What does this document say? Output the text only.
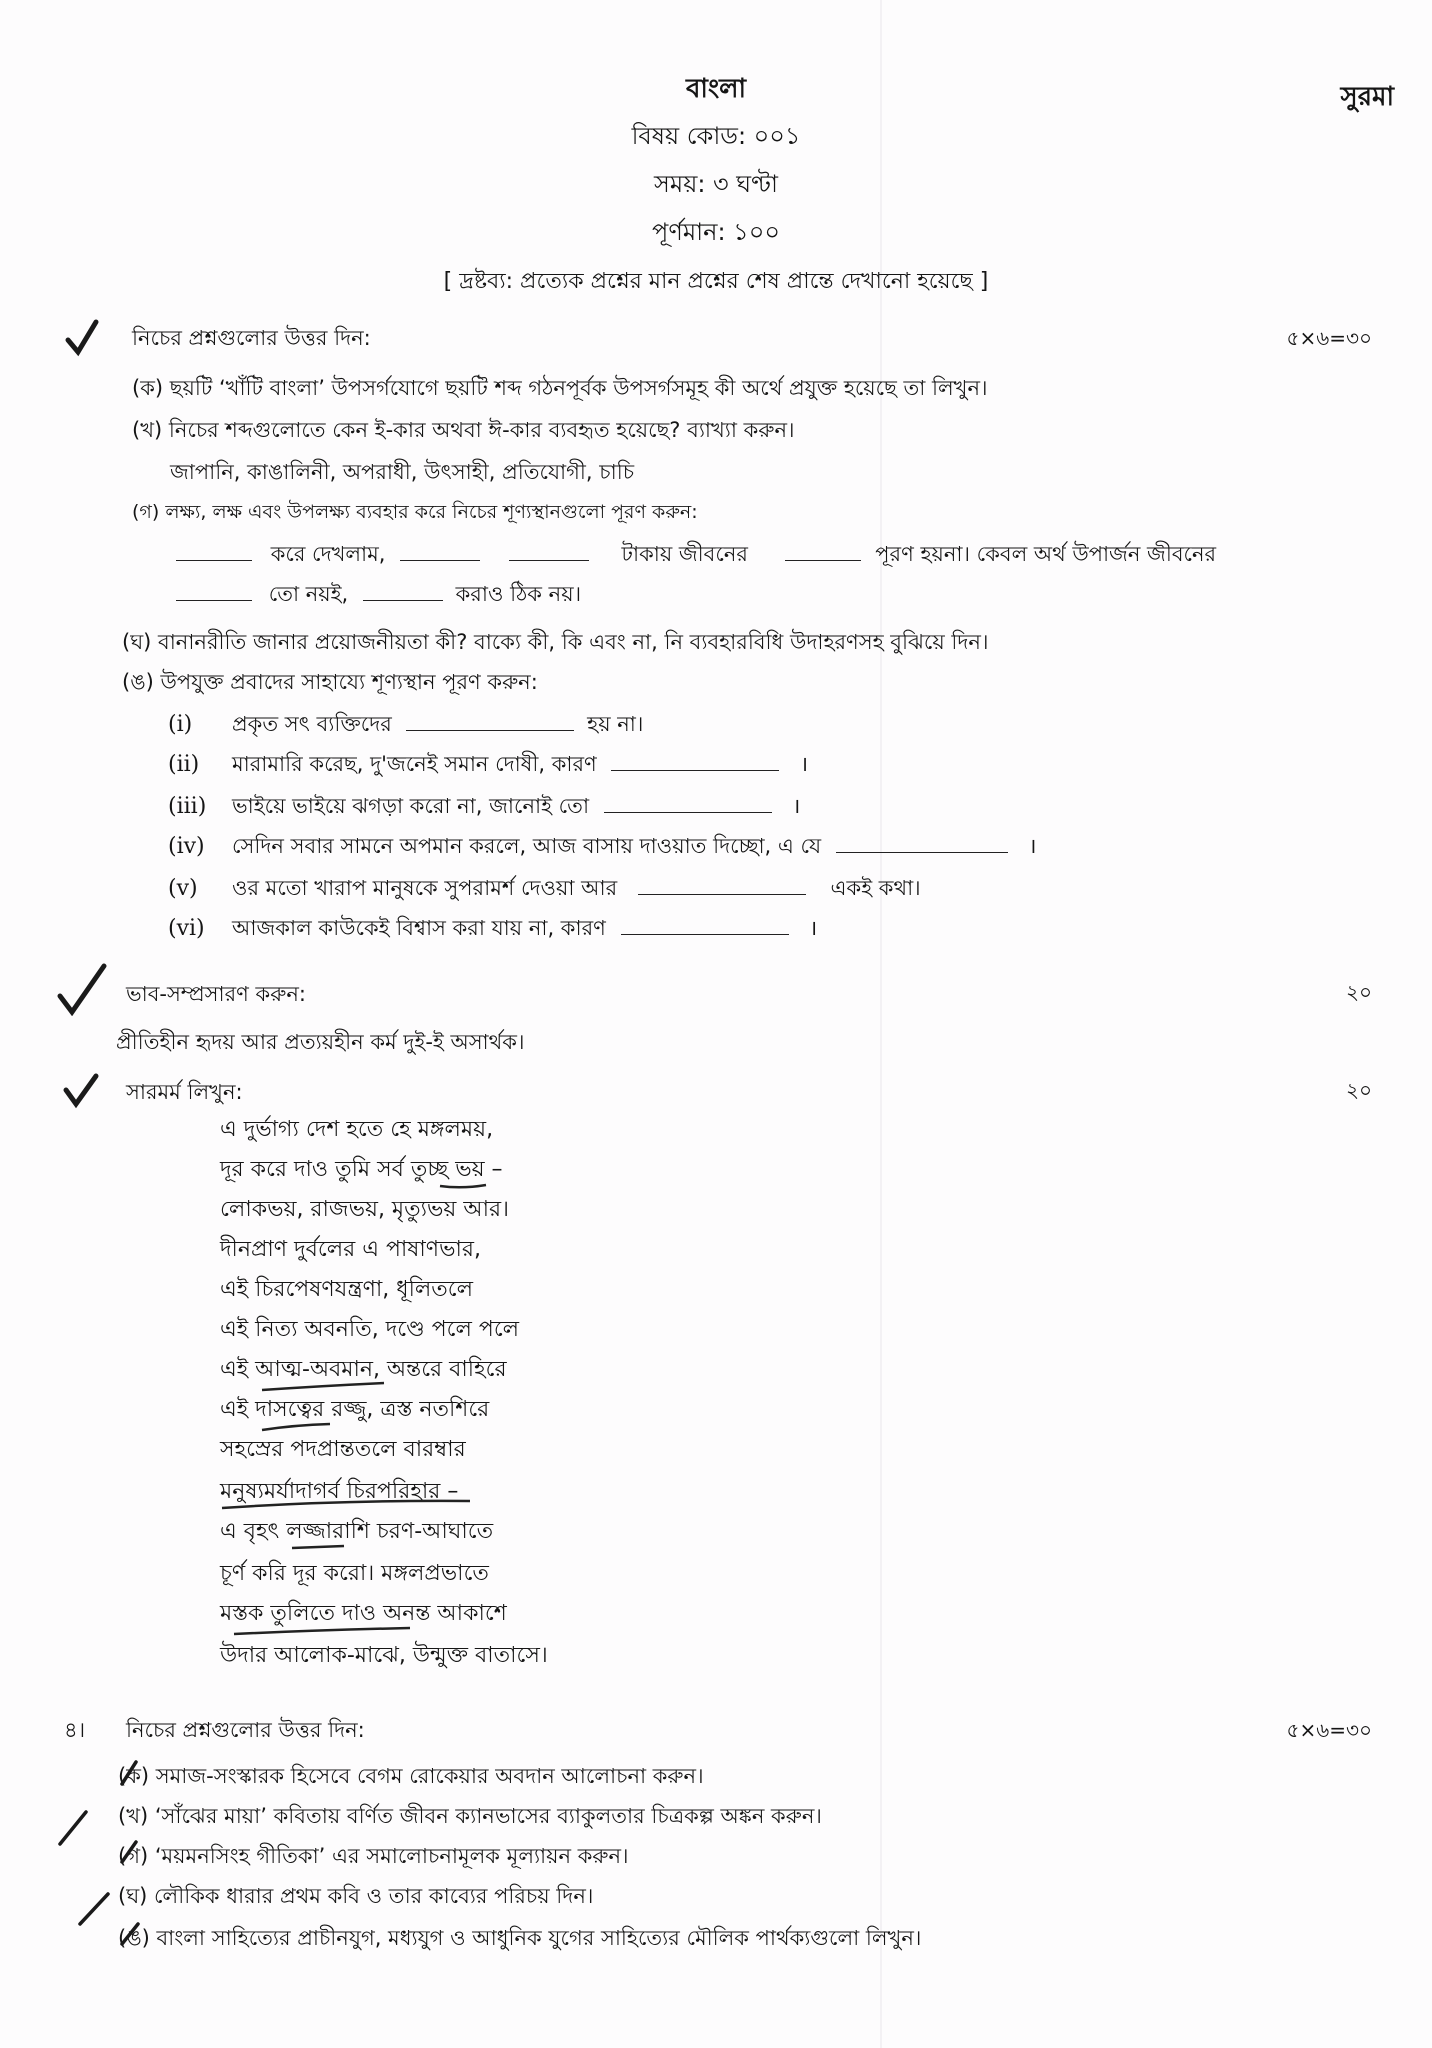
বাংলা	সুরমা
বিষয় কোড: ০০১
সময়: ৩ ঘণ্টা
পূর্ণমান: ১০০
[ দ্রষ্টব্য: প্রত্যেক প্রশ্নের মান প্রশ্নের শেষ প্রান্তে দেখানো হয়েছে ]
নিচের প্রশ্নগুলোর উত্তর দিন:	৫×৬=৩০
(ক) ছয়টি ‘খাঁটি বাংলা’ উপসর্গযোগে ছয়টি শব্দ গঠনপূর্বক উপসর্গসমূহ কী অর্থে প্রযুক্ত হয়েছে তা লিখুন।
(খ) নিচের শব্দগুলোতে কেন ই-কার অথবা ঈ-কার ব্যবহৃত হয়েছে? ব্যাখ্যা করুন।
জাপানি, কাঙালিনী, অপরাধী, উৎসাহী, প্রতিযোগী, চাচি
(গ) লক্ষ্য, লক্ষ এবং উপলক্ষ্য ব্যবহার করে নিচের শূণ্যস্থানগুলো পূরণ করুন:
করে দেখলাম,	টাকায় জীবনের	পূরণ হয়না। কেবল অর্থ উপার্জন জীবনের
তো নয়ই,	করাও ঠিক নয়।
(ঘ) বানানরীতি জানার প্রয়োজনীয়তা কী? বাক্যে কী, কি এবং না, নি ব্যবহারবিধি উদাহরণসহ বুঝিয়ে দিন।
(ঙ) উপযুক্ত প্রবাদের সাহায্যে শূণ্যস্থান পূরণ করুন:
(i) প্রকৃত সৎ ব্যক্তিদের	হয় না।
(ii) মারামারি করেছ, দু'জনেই সমান দোষী, কারণ	।
(iii) ভাইয়ে ভাইয়ে ঝগড়া করো না, জানোই তো	।
(iv) সেদিন সবার সামনে অপমান করলে, আজ বাসায় দাওয়াত দিচ্ছো, এ যে	।
(v) ওর মতো খারাপ মানুষকে সুপরামর্শ দেওয়া আর	একই কথা।
(vi) আজকাল কাউকেই বিশ্বাস করা যায় না, কারণ	।
ভাব-সম্প্রসারণ করুন:	২০
প্রীতিহীন হৃদয় আর প্রত্যয়হীন কর্ম দুই-ই অসার্থক।
সারমর্ম লিখুন:	২০
এ দুর্ভাগ্য দেশ হতে হে মঙ্গলময়,
দূর করে দাও তুমি সর্ব তুচ্ছ ভয় –
লোকভয়, রাজভয়, মৃত্যুভয় আর।
দীনপ্রাণ দুর্বলের এ পাষাণভার,
এই চিরপেষণযন্ত্রণা, ধূলিতলে
এই নিত্য অবনতি, দণ্ডে পলে পলে
এই আত্ম-অবমান, অন্তরে বাহিরে
এই দাসত্বের রজ্জু, ত্রস্ত নতশিরে
সহস্রের পদপ্রান্ততলে বারম্বার
মনুষ্যমর্যাদাগর্ব চিরপরিহার –
এ বৃহৎ লজ্জারাশি চরণ-আঘাতে
চূর্ণ করি দূর করো। মঙ্গলপ্রভাতে
মস্তক তুলিতে দাও অনন্ত আকাশে
উদার আলোক-মাঝে, উন্মুক্ত বাতাসে।
৪। নিচের প্রশ্নগুলোর উত্তর দিন:	৫×৬=৩০
(ক) সমাজ-সংস্কারক হিসেবে বেগম রোকেয়ার অবদান আলোচনা করুন।
(খ) ‘সাঁঝের মায়া’ কবিতায় বর্ণিত জীবন ক্যানভাসের ব্যাকুলতার চিত্রকল্প অঙ্কন করুন।
(গ) ‘ময়মনসিংহ গীতিকা’ এর সমালোচনামূলক মূল্যায়ন করুন।
(ঘ) লৌকিক ধারার প্রথম কবি ও তার কাব্যের পরিচয় দিন।
(ঙ) বাংলা সাহিত্যের প্রাচীনযুগ, মধ্যযুগ ও আধুনিক যুগের সাহিত্যের মৌলিক পার্থক্যগুলো লিখুন।
